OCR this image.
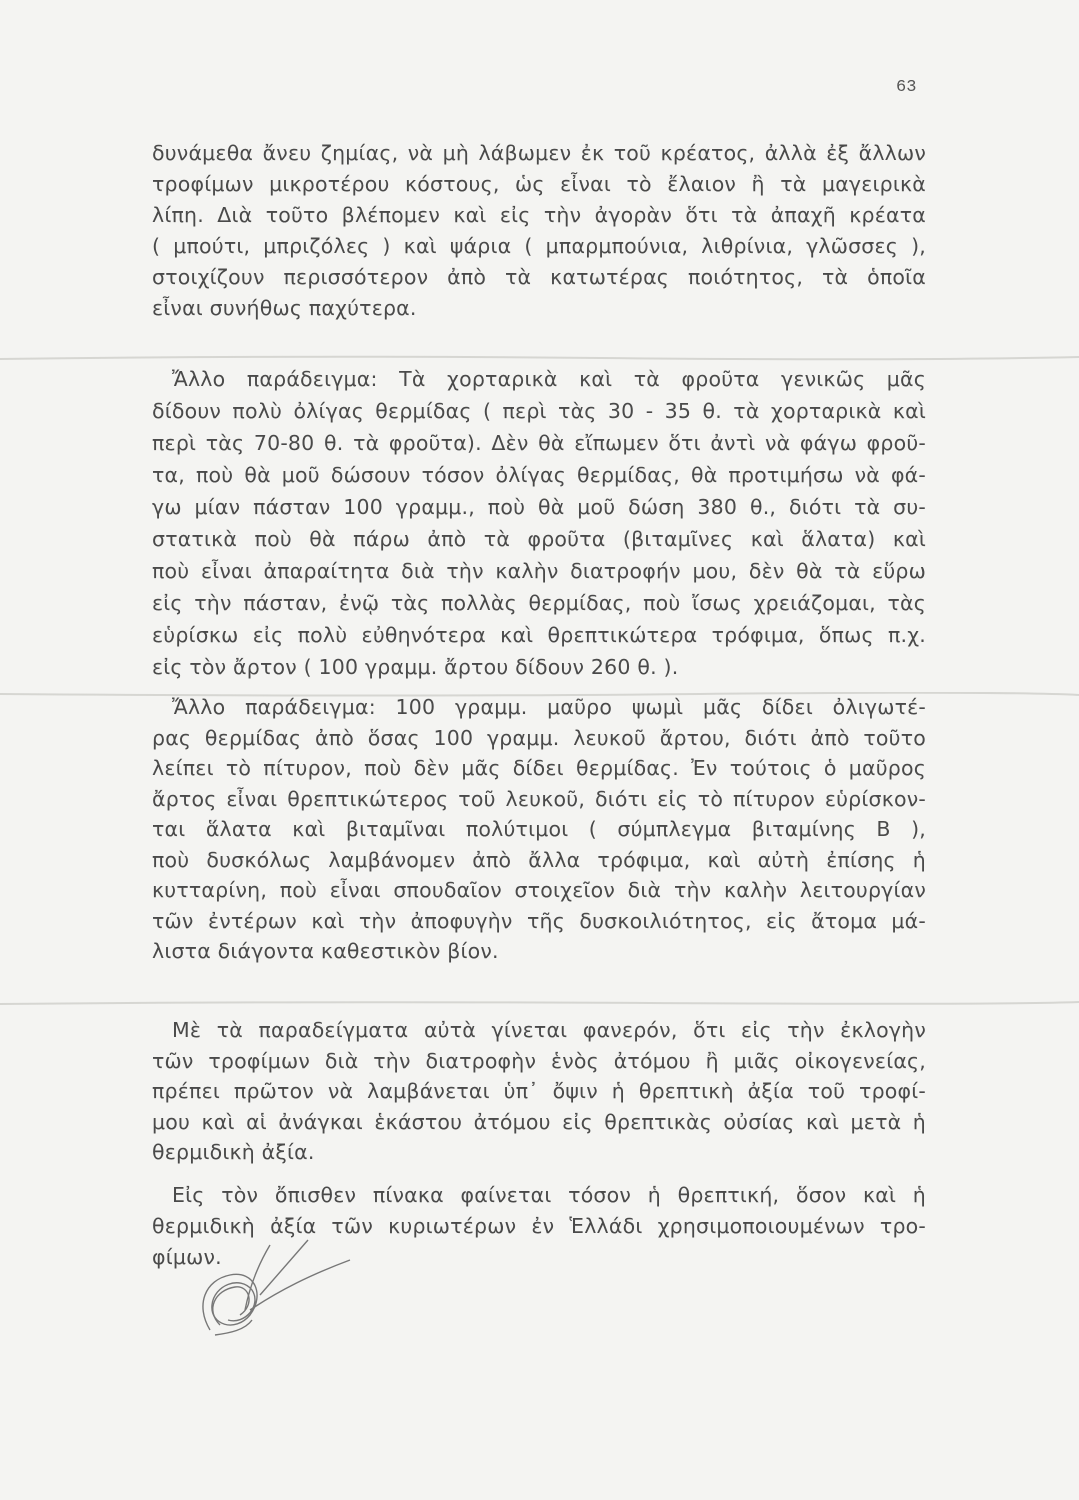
63
δυνάμεθα ἄνευ ζημίας, νὰ μὴ λάβωμεν ἐκ τοῦ κρέατος, ἀλλὰ ἐξ ἄλλων
τροφίμων μικροτέρου κόστους, ὡς εἶναι τὸ ἔλαιον ἢ τὰ μαγειρικὰ
λίπη. Διὰ τοῦτο βλέπομεν καὶ εἰς τὴν ἀγορὰν ὅτι τὰ ἀπαχῆ κρέατα
( μπούτι, μπριζόλες ) καὶ ψάρια ( μπαρμπούνια, λιθρίνια, γλῶσσες ),
στοιχίζουν περισσότερον ἀπὸ τὰ κατωτέρας ποιότητος, τὰ ὁποῖα
εἶναι συνήθως παχύτερα.
Ἄλλο παράδειγμα: Τὰ χορταρικὰ καὶ τὰ φροῦτα γενικῶς μᾶς
δίδουν πολὺ ὀλίγας θερμίδας ( περὶ τὰς 30 - 35 θ. τὰ χορταρικὰ καὶ
περὶ τὰς 70-80 θ. τὰ φροῦτα). Δὲν θὰ εἴπωμεν ὅτι ἀντὶ νὰ φάγω φροῦ-
τα, ποὺ θὰ μοῦ δώσουν τόσον ὀλίγας θερμίδας, θὰ προτιμήσω νὰ φά-
γω μίαν πάσταν 100 γραμμ., ποὺ θὰ μοῦ δώση 380 θ., διότι τὰ συ-
στατικὰ ποὺ θὰ πάρω ἀπὸ τὰ φροῦτα (βιταμῖνες καὶ ἅλατα) καὶ
ποὺ εἶναι ἀπαραίτητα διὰ τὴν καλὴν διατροφήν μου, δὲν θὰ τὰ εὕρω
εἰς τὴν πάσταν, ἐνῷ τὰς πολλὰς θερμίδας, ποὺ ἴσως χρειάζομαι, τὰς
εὑρίσκω εἰς πολὺ εὐθηνότερα καὶ θρεπτικώτερα τρόφιμα, ὅπως π.χ.
εἰς τὸν ἄρτον ( 100 γραμμ. ἄρτου δίδουν 260 θ. ).
Ἄλλο παράδειγμα: 100 γραμμ. μαῦρο ψωμὶ μᾶς δίδει ὀλιγωτέ-
ρας θερμίδας ἀπὸ ὅσας 100 γραμμ. λευκοῦ ἄρτου, διότι ἀπὸ τοῦτο
λείπει τὸ πίτυρον, ποὺ δὲν μᾶς δίδει θερμίδας. Ἐν τούτοις ὁ μαῦρος
ἄρτος εἶναι θρεπτικώτερος τοῦ λευκοῦ, διότι εἰς τὸ πίτυρον εὑρίσκον-
ται ἅλατα καὶ βιταμῖναι πολύτιμοι ( σύμπλεγμα βιταμίνης Β ),
ποὺ δυσκόλως λαμβάνομεν ἀπὸ ἄλλα τρόφιμα, καὶ αὐτὴ ἐπίσης ἡ
κυτταρίνη, ποὺ εἶναι σπουδαῖον στοιχεῖον διὰ τὴν καλὴν λειτουργίαν
τῶν ἐντέρων καὶ τὴν ἀποφυγὴν τῆς δυσκοιλιότητος, εἰς ἄτομα μά-
λιστα διάγοντα καθεστικὸν βίον.
Μὲ τὰ παραδείγματα αὐτὰ γίνεται φανερόν, ὅτι εἰς τὴν ἐκλογὴν
τῶν τροφίμων διὰ τὴν διατροφὴν ἑνὸς ἀτόμου ἢ μιᾶς οἰκογενείας,
πρέπει πρῶτον νὰ λαμβάνεται ὑπ᾽ ὄψιν ἡ θρεπτικὴ ἀξία τοῦ τροφί-
μου καὶ αἱ ἀνάγκαι ἑκάστου ἀτόμου εἰς θρεπτικὰς οὐσίας καὶ μετὰ ἡ
θερμιδικὴ ἀξία.
Εἰς τὸν ὄπισθεν πίνακα φαίνεται τόσον ἡ θρεπτική, ὅσον καὶ ἡ
θερμιδικὴ ἀξία τῶν κυριωτέρων ἐν Ἑλλάδι χρησιμοποιουμένων τρο-
φίμων.
